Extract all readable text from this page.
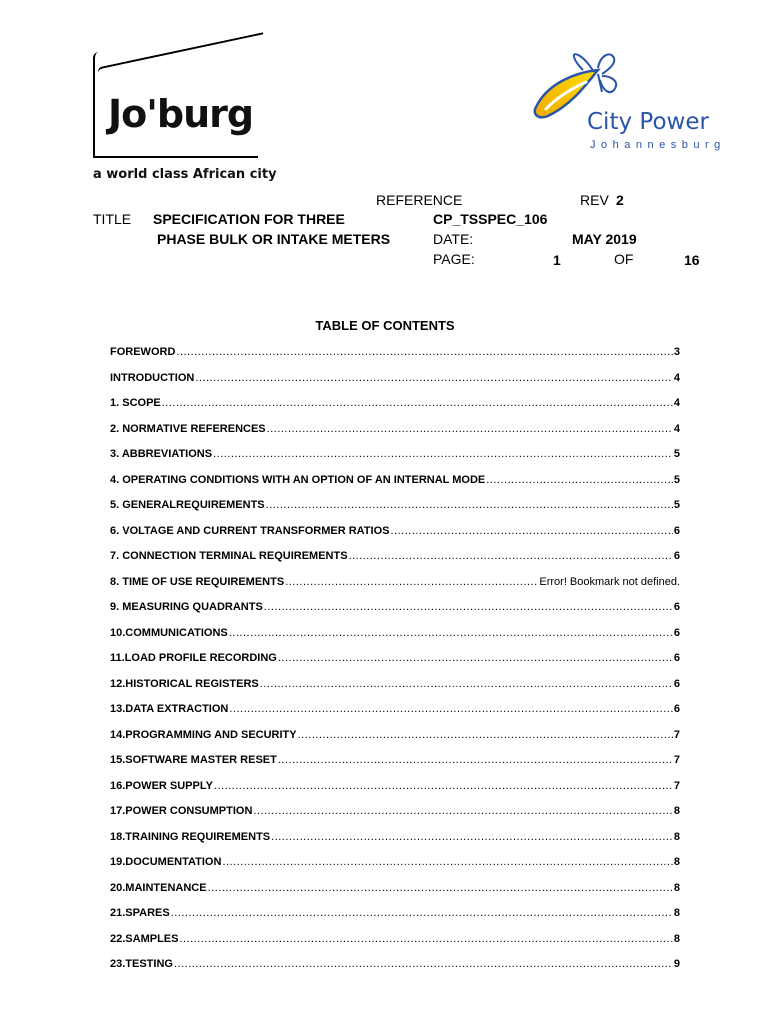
Jo'burg
a world class African city
City Power
Johannesburg
REFERENCE	REV 2
TITLE SPECIFICATION FOR THREE	CP_TSSPEC_106
PHASE BULK OR INTAKE METERS	DATE:	MAY 2019
PAGE:	1	OF	16
TABLE OF CONTENTS
FOREWORD .....	3
INTRODUCTION .....	4
1. SCOPE .....	4
2. NORMATIVE REFERENCES .....	4
3. ABBREVIATIONS .....	5
4. OPERATING CONDITIONS WITH AN OPTION OF AN INTERNAL MODE .....	5
5. GENERALREQUIREMENTS .....	5
6. VOLTAGE AND CURRENT TRANSFORMER RATIOS .....	6
7. CONNECTION TERMINAL REQUIREMENTS .....	6
8. TIME OF USE REQUIREMENTS .....	Error! Bookmark not defined.
9. MEASURING QUADRANTS .....	6
10.COMMUNICATIONS .....	6
11.LOAD PROFILE RECORDING .....	6
12.HISTORICAL REGISTERS .....	6
13.DATA EXTRACTION .....	6
14.PROGRAMMING AND SECURITY .....	7
15.SOFTWARE MASTER RESET .....	7
16.POWER SUPPLY .....	7
17.POWER CONSUMPTION .....	8
18.TRAINING REQUIREMENTS .....	8
19.DOCUMENTATION .....	8
20.MAINTENANCE .....	8
21.SPARES .....	8
22.SAMPLES .....	8
23.TESTING .....	9
